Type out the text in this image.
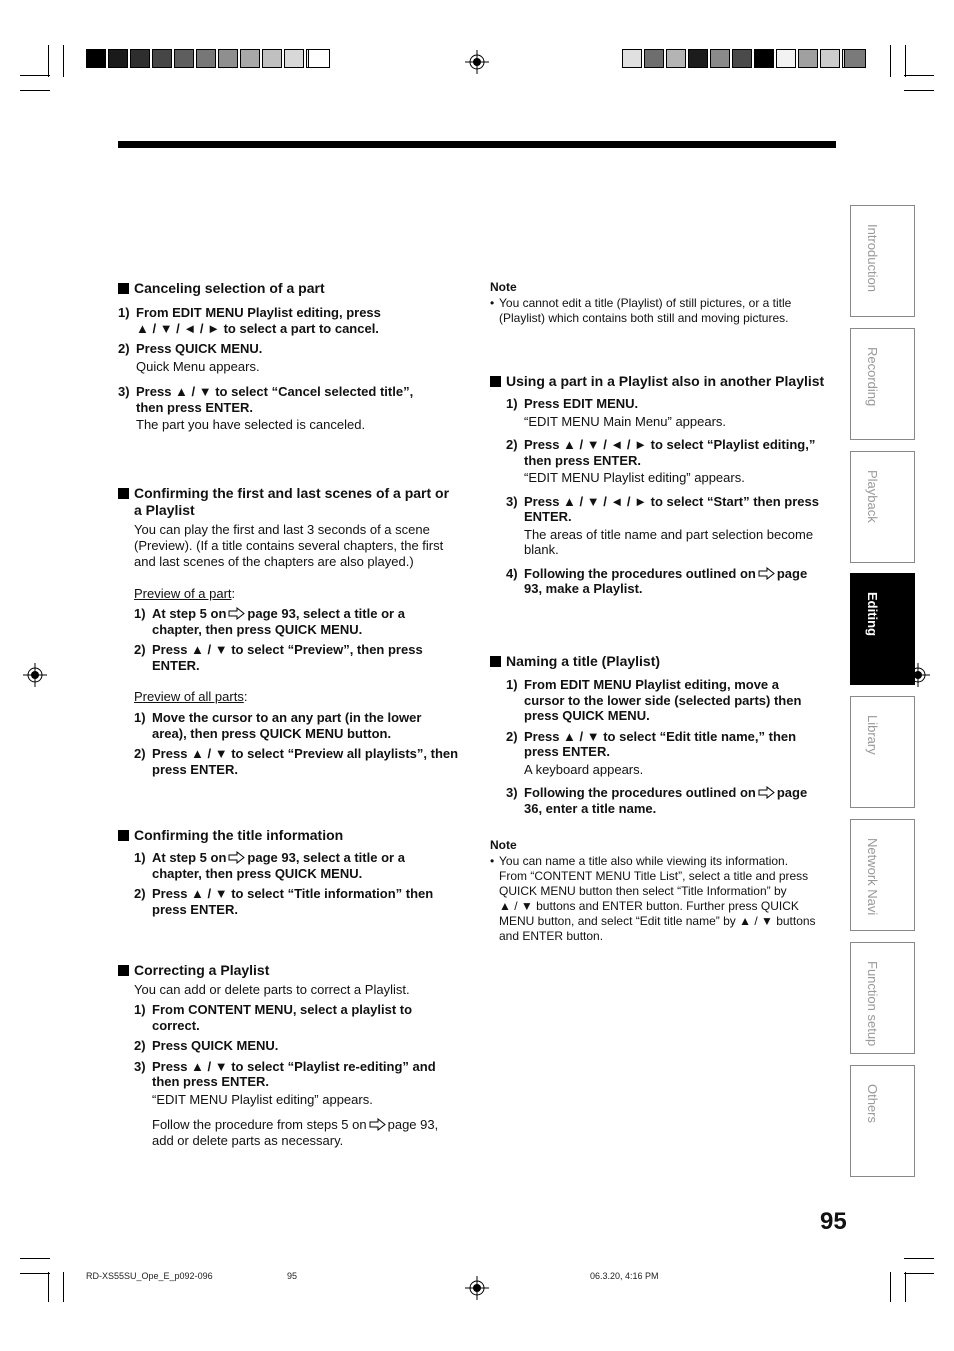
Canceling selection of a part

1) From EDIT MENU Playlist editing, press
▲ / ▼ / ◄ / ► to select a part to cancel.

2) Press QUICK MENU.

Quick Menu appears.

3) Press ▲ / ▼ to select “Cancel selected title”,
then press ENTER.

The part you have selected is canceled.

Confirming the first and last scenes of a part or
a Playlist

You can play the first and last 3 seconds of a scene

(Preview). (If a title contains several chapters, the first

and last scenes of the chapters are also played.)

Preview of a part:

1) At step 5 on page 93, select a title or a
chapter, then press QUICK MENU.

2) Press ▲ / ▼ to select “Preview”, then press
ENTER.

Preview of all parts:

1) Move the cursor to an any part (in the lower
area), then press QUICK MENU button.

2) Press ▲ / ▼ to select “Preview all playlists”, then
press ENTER.

Confirming the title information

1) At step 5 on page 93, select a title or a
chapter, then press QUICK MENU.

2) Press ▲ / ▼ to select “Title information” then
press ENTER.

Correcting a Playlist

You can add or delete parts to correct a Playlist.

1) From CONTENT MENU, select a playlist to
correct.

2) Press QUICK MENU.

3) Press ▲ / ▼ to select “Playlist re-editing” and
then press ENTER.

“EDIT MENU Playlist editing” appears.

Follow the procedure from steps 5 on page 93,
add or delete parts as necessary.

Note

• You cannot edit a title (Playlist) of still pictures, or a title
(Playlist) which contains both still and moving pictures.

Using a part in a Playlist also in another Playlist

1) Press EDIT MENU.

“EDIT MENU Main Menu” appears.

2) Press ▲ / ▼ / ◄ / ► to select “Playlist editing,”
then press ENTER.

“EDIT MENU Playlist editing” appears.

3) Press ▲ / ▼ / ◄ / ► to select “Start” then press
ENTER.

The areas of title name and part selection become
blank.

4) Following the procedures outlined on page
93, make a Playlist.

Naming a title (Playlist)

1) From EDIT MENU Playlist editing, move a
cursor to the lower side (selected parts) then
press QUICK MENU.

2) Press ▲ / ▼ to select “Edit title name,” then
press ENTER.

A keyboard appears.

3) Following the procedures outlined on page
36, enter a title name.

Note

• You can name a title also while viewing its information.
From “CONTENT MENU Title List”, select a title and press
QUICK MENU button then select “Title Information” by
▲ / ▼ buttons and ENTER button. Further press QUICK
MENU button, and select “Edit title name” by ▲ / ▼ buttons
and ENTER button.

Introduction
Recording
Playback
Editing
Library
Network Navi
Function setup
Others
95
RD-XS55SU_Ope_E_p092-096	95	06.3.20, 4:16 PM
